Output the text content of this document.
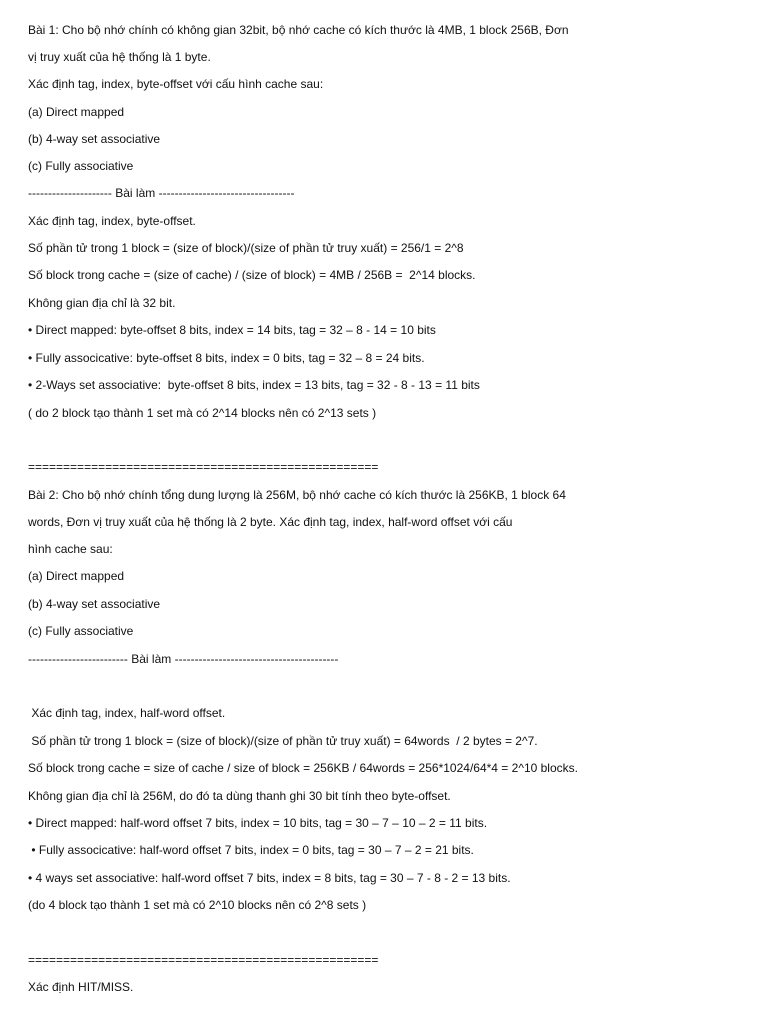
Bài 1: Cho bộ nhớ chính có không gian 32bit, bộ nhớ cache có kích thước là 4MB, 1 block 256B, Đơn
vị truy xuất của hệ thống là 1 byte.
Xác định tag, index, byte-offset với cấu hình cache sau:
(a) Direct mapped
(b) 4-way set associative
(c) Fully associative
--------------------- Bài làm ----------------------------------
Xác định tag, index, byte-offset.
Số phần tử trong 1 block = (size of block)/(size of phần tử truy xuất) = 256/1 = 2^8
Số block trong cache = (size of cache) / (size of block) = 4MB / 256B =  2^14 blocks.
Không gian địa chỉ là 32 bit.
• Direct mapped: byte-offset 8 bits, index = 14 bits, tag = 32 – 8 - 14 = 10 bits
• Fully associcative: byte-offset 8 bits, index = 0 bits, tag = 32 – 8 = 24 bits.
• 2-Ways set associative:  byte-offset 8 bits, index = 13 bits, tag = 32 - 8 - 13 = 11 bits
( do 2 block tạo thành 1 set mà có 2^14 blocks nên có 2^13 sets )
==================================================
Bài 2: Cho bộ nhớ chính tổng dung lượng là 256M, bộ nhớ cache có kích thước là 256KB, 1 block 64
words, Đơn vị truy xuất của hệ thống là 2 byte. Xác định tag, index, half-word offset với cấu
hình cache sau:
(a) Direct mapped
(b) 4-way set associative
(c) Fully associative
------------------------- Bài làm -----------------------------------------
Xác định tag, index, half-word offset.
Số phần tử trong 1 block = (size of block)/(size of phần tử truy xuất) = 64words  / 2 bytes = 2^7.
Số block trong cache = size of cache / size of block = 256KB / 64words = 256*1024/64*4 = 2^10 blocks.
Không gian địa chỉ là 256M, do đó ta dùng thanh ghi 30 bit tính theo byte-offset.
• Direct mapped: half-word offset 7 bits, index = 10 bits, tag = 30 – 7 – 10 – 2 = 11 bits.
• Fully associcative: half-word offset 7 bits, index = 0 bits, tag = 30 – 7 – 2 = 21 bits.
• 4 ways set associative: half-word offset 7 bits, index = 8 bits, tag = 30 – 7 - 8 - 2 = 13 bits.
(do 4 block tạo thành 1 set mà có 2^10 blocks nên có 2^8 sets )
==================================================
Xác định HIT/MISS.
